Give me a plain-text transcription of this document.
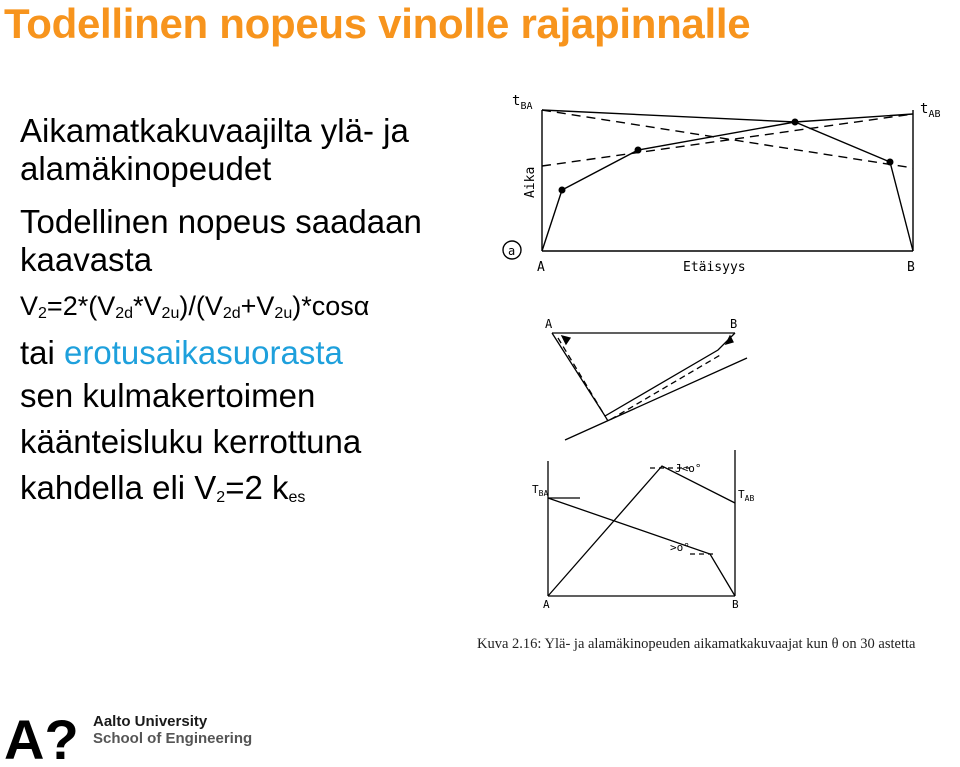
Todellinen nopeus vinolle rajapinnalle

Aikamatkakuvaajilta ylä- ja alamäkinopeudet

Todellinen nopeus saadaan kaavasta

$V_2=2*(V_{2d}*V_{2u})/(V_{2d}+V_{2u})*\cos\alpha$

tai erotusaikasuorasta

sen kulmakertoimen

käänteisluku kerrottuna

kahdella eli $V_2=2$ $k_{es}$

a
$t_{BA}$	$t_{AB}$
Aika
Etäisyys
A	B
A	B
$T_{BA}$	$T_{AB}$
J<o°
>o°
A	B
Kuva 2.16: Ylä- ja alamäkinopeuden aikamatkakuvaajat kun θ on 30 astetta
A? Aalto University
School of Engineering
